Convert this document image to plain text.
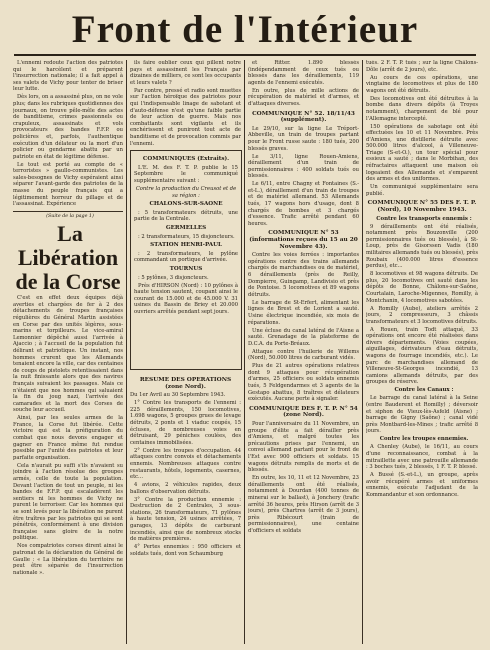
Front de l'Intérieur

L'ennemi redoute l'action des patriotes qui le harcèlent et préparent l'insurrection nationale; il a fait appel à ses valets de Vichy pour tenter de briser leur lutte.

Dès lors, on a assassiné plus, on ne vole plus; dans les rubriques quotidiennes des journaux, on trouve pêle-mêle des actes de banditisme, crimes passionnels ou crapuleux, assassinats et vols provocateurs des bandes F.F.P. ou policières et, parfois, l'authentique exécution d'un délateur ou la mort d'un policier ou gendarme abattu par un patriote en état de légitime défense.

Le tout est porté au compte de « terroristes » gaullo-communistes. Les sales-besognes de Vichy espéraient ainsi séparer l'avant-garde des patriotes de la masse du peuple français qui a légitimement horreur du pillage et de l'assassinat. Expérience

(Suite de la page 1)

La Libération de la Corse

C'est en effet deux équipes déjà averties et chargées de fer à 2 des détachements de troupes françaises régulières du Général Martin assistées en Corse par des unités légères, sous-marins et torpilleurs. Le vice-amiral Lemonnier dépêché aussi l'arrivée à Ajaccio ; à l'accueil de la population fut délirant et patriotique. Un instant, nos hommes crurent que les Allemands tenaient encore la ville, car des centaines de coups de pistolets retentissaient dans la nuit finissante alors que des navires français suivaient les passages. Mais ce n'étaient que nos hommes qui saluaient la fin du joug nazi, l'arrivée des camarades et la mort des Corses de souche leur accueil.

Ainsi, par les seules armes de la France, la Corse fut libérée. Cette victoire qui est la préfiguration du combat que nous devons engager et gagner en France même fut rendue possible par l'unité des patriotes et leur parfaite organisation.

Cela n'aurait pu suffi s'ils n'avaient su joindre à l'action résolue des groupes armés, celle de toute la population. Devant l'action de tout un peuple, ni les bandes de F.F.P. qui escaladèrent les sentiers ni les hommes de Vichy ne purent le terroriser. Car les hommes qui se sont levés pour la libération ne purent être traîtres par les patriotes qui se sont pénétrés, conformément à une division française sans gloire de la notre politique.

Nos compatriotes corses dirent ainsi le patronat de la déclaration du Général de Gaulle : « La libération du territoire ne peut être séparée de l'insurrection nationale ».

ils faire oublier ceux qui pillent notre pays et assassinent les Français par dizaines de milliers, ce sont les occupants et leurs valets ?

Par contre, pressé et radio sont muettes sur l'action héroïque des patriotes pour qui l'indispensable linage de sabotant et d'auto-défense n'est qu'une faible partie de leur action de guerre. Mais nos combattants sont vigilants et ils enchérissent et puniront tout acte de banditisme et de provocation commis par l'ennemi.

COMMUNIQUES (Extraits).

L'E. M. des F. T. P. publie le 15 Septembre le communiqué supplémentaire suivant :

Contre la production du Creusot et de sa région :

CHALONS-SUR-SAONE

: 5 transformateurs détruits, une partie de la Centrale.

GERMELLES

: 2 transformateurs, 15 disjoncteurs.

STATION HENRI-PAUL

: 2 transformateurs, le pylône commandant un portique d'arrivée.

TOURNUS

: 5 pylônes, 3 disjoncteurs.

Près d'HIRSON (Nord) : 10 pylônes à haute tension sautent, coupant ainsi le courant de 15.000 et de 45.000 V. 31 usines du Bassin de Briey et 20.000 ouvriers arrêtés pendant sept jours.

RESUME DES OPERATIONS (zone Nord).

Du 1er Avril au 30 Septembre 1943.

1° Contre les transports de l'ennemi : 225 déraillements, 150 locomotives, 1.698 wagons, 5 groupes grues de levage détruits, 2 ponts et 1 viaduc coupés, 15 écluses, de nombreuses voies en détruisant, 29 péniches coulées, des centaines immobilisées.

2° Contre les troupes d'occupation. 44 attaques contre convois et détachements ennemis. Nombreuses attaques contre restaurants, hôtels, logements, casernes, etc...

4 avions, 2 véhicules rapides, deux ballons d'observation détruits.

3° Contre la production ennemie : Destruction de 2 Centrales, 3 sous-stations, 26 transformateurs, 71 pylônes à haute tension, 24 usines arrêtées, 7 garages, 13 dépôts de carburant incendiés, ainsi que de nombreux stocks de matières premières.

4° Pertes ennemies : 950 officiers et soldats tués, dont von Schaumburg

et Ritter. 1.890 blessés (indépendamment de ceux tués ou blessés dans les déraillements, 119 agents de l'ennemi exécutés.

En outre, plus de mille actions de récupération de matériel et d'armes, et d'attaques diverses.

COMMUNIQUE N° 52. 18/11/43 (supplément).

Le 29/10, sur la ligne Le Tréport-Abbeville, un train de troupes partant pour le Front russe saute : 180 tués, 200 blessés graves.

Le 3/11, ligne Rouen-Amiens, déraillement d'un train de permissionnaires : 400 soldats tués ou blessés.

Le 6/11, entre Chagny et Fontaines (S.-et-L.), déraillement d'un train de troupes et de matériel allemand. 53 Allemands tués, 17 wagons hors d'usage, dont 8 chargés de bombes et 3 chargés d'essence. Trafic arrêté pendant 60 heures.

COMMUNIQUE N° 53 (informations reçues du 15 au 20 Novembre 43).

Contre les voies ferrées : importantes opérations contre des trains allemands chargés de marchandises ou de matériel, 6 déraillements (près de Reilly, Dompierre, Guingamp, Landivisio et près de Pontoise. 5 locomotives et 89 wagons détruits.

Le barrage de St-Erfert, alimentant les lignes de Brest et de Lorient a sauté. Usine électrique incendiée, six mois de réparations.

Une écluse du canal latéral de l'Aisne a sauté. Grenadage de la plateforme de D.C.A. du Porte-Bréaux.

Attaque contre l'huilerie de Willems (Nord), 50.000 litres de carburant vidés.

Plus de 21 autres opérations relatives dont 9 attaques pour récupération d'armes, 25 officiers ou soldats ennemis tués, 5 Feldgendarmes et 3 agents de la Gestapo abattus, 8 traîtres et délateurs exécutés. Aucune perte à signaler.

COMMUNIQUE DES F. T. P. N° 54 (zone Nord).

Pour l'anniversaire du 11 Novembre, un groupe d'élite a fait dérailler près d'Amiens, et malgré toutes les précautions prises par l'ennemi, un convoi allemand partant pour le front de l'Est avec 900 officiers et soldats. 15 wagons détruits remplis de morts et de blessés.

En outre, les 10, 11 et 12 Novembre, 23 déraillements ont été réalisés, notamment à Dourdan (400 tonnes de minerai sur le ballast), à Jonchery (trafic arrêté 36 heures, près Hirson (arrêt de 3 jours), près Chartres (arrêt de 3 jours), près Ribécourt (train de permissionnaires), une centaine d'officiers et soldats

tués. 2 F. T. P. tués ; sur la ligne Châlons-Dôle (arrêt de 2 jours), etc.

Au cours de ces opérations, une vingtaine de locomotives et plus de 180 wagons ont été détruits.

Des locomotives ont été détruites à la bombe dans divers dépôts (à Troyes notamment), chargement de blé pour l'Allemagne intercepté.

150 opérations de sabotage ont été effectuées les 10 et 11 Novembre. Près d'Amiens, une distillerie détruite avec 500.000 litres d'alcool, à Villeneuve-Triage (S-et-O.), un tour spécial pour essieux a sauté ; dans le Morbihan, des réfractaires attaquent une maison où logeaient des Allemands et s'emparent des armes et des uniformes.

Un communiqué supplémentaire sera publié.

COMMUNIQUE N° 55 DES F. T. P. (Nord), 10 Novembre 1943.

Contre les transports ennemis :

9 déraillements ont été réalisés, notamment près Bouzonville (200 permissionnaires tués ou blessés), à St-Loup, près de Gisorssen Vadis (180 militaires allemands tués ou blessés), près Roubaix (400.000 litres d'essence perdus), etc...

8 locomotives et 98 wagons détruits. De plus, 20 locomotives ont sauté dans les dépôts de Bonne, Châlons-sur-Saône, Courtalain, Laroche-Migennes, Romilly, à Montchanin, 4 locomotives sabotées.

A Romilly (Aube), ateliers arrêtés 2 jours, 2 compresseurs, 3 châssis transformateurs et 3 locomotives détruits.

A Rouen, train Todt attaqué, 33 opérations ont encore été réalisées dans divers départements. (Voies coupées, aiguillages, dérivateurs d'eau détruits, wagons de fourrage incendiés, etc.). Le parc de marchandises allemand de Villeneuve-St-Georges incendié, 13 camions allemands détruits, par des groupes de réserve.

Contre les Canaux :

Le barrage du canal latéral à la Seine (entre Bauderent et Romilly) ; déversoir et siphon de Vieux-lès-Asfeld (Aisne) ; barrage de Gigny (Saône) ; canal vidé près Montbard-les-Mines ; trafic arrêté 8 jours.

Contre les troupes ennemies.

A Chenley (Aube), le 16/11, au cours d'une reconnaissance, combat à la mitraillette avec une patrouille allemande : 3 boches tués, 2 blessés, 1 F. T. P. blessé.

A Bussé (S.-et-L.), un groupe, après avoir récupéré armes et uniformes ennemis, exécute l'adjudant de la Kommandantur et son ordonnance.
